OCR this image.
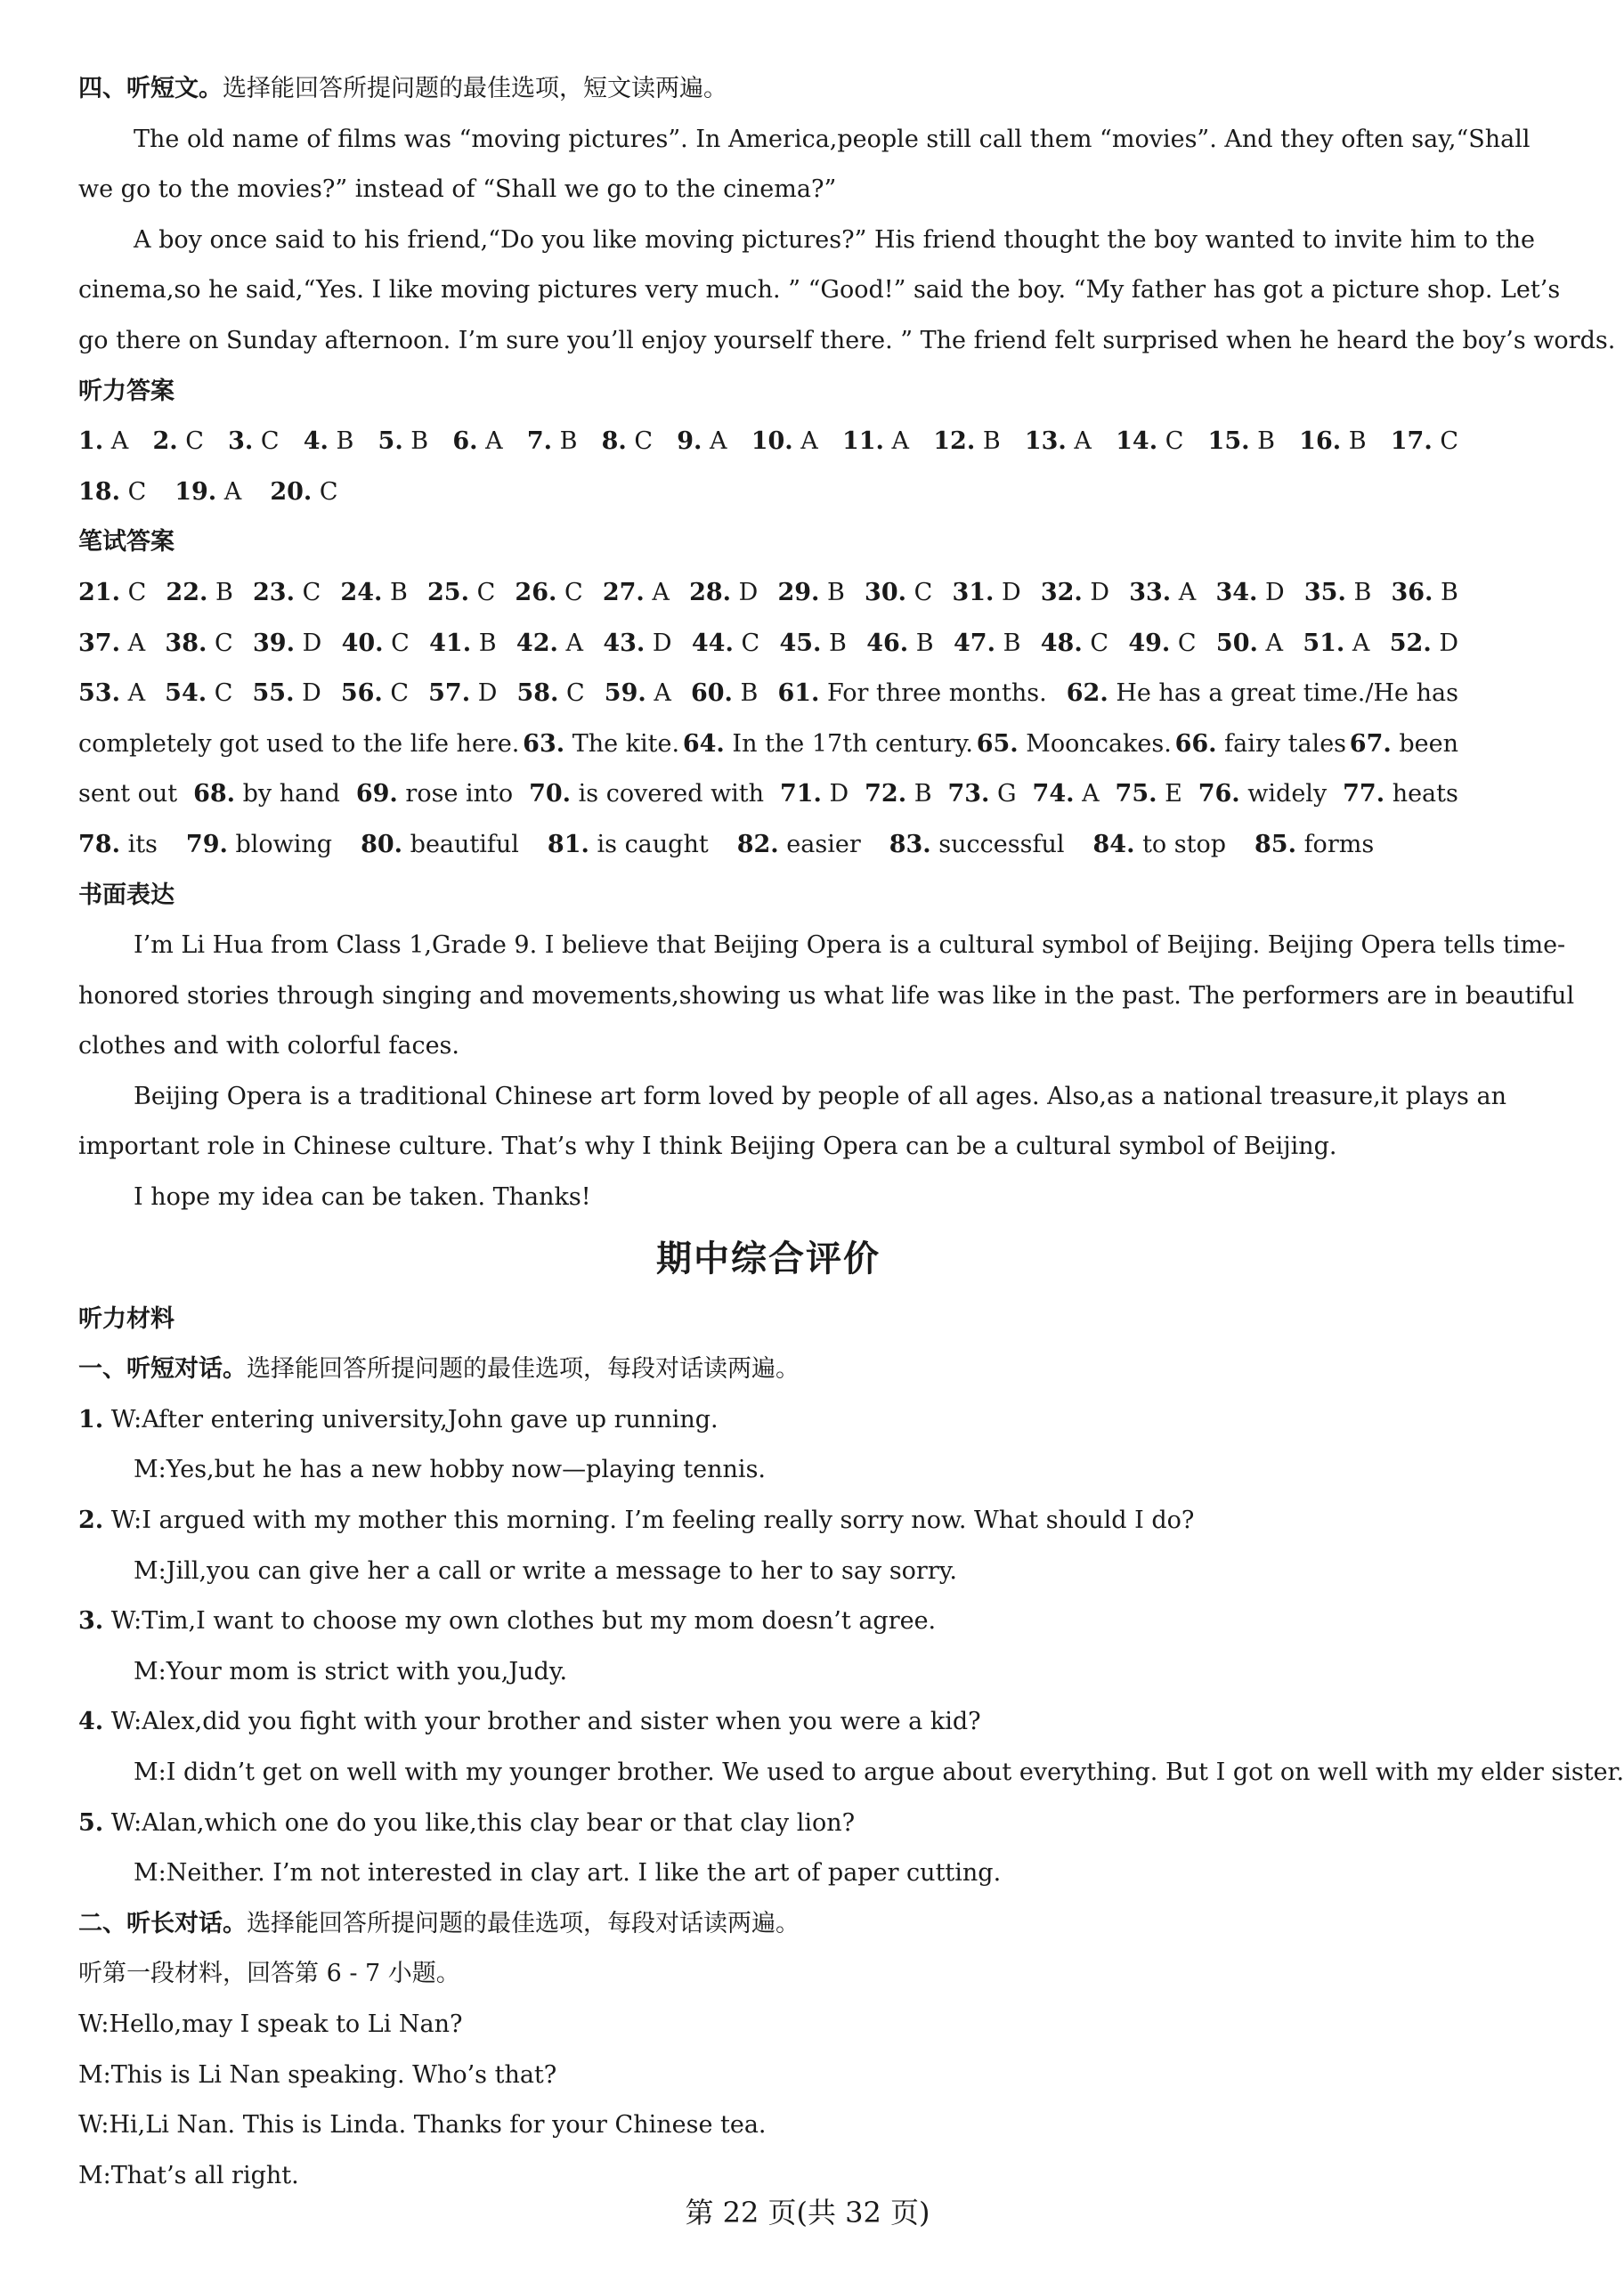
四、听短文。选择能回答所提问题的最佳选项，短文读两遍。
The old name of films was “moving pictures”. In America,people still call them “movies”. And they often say,“Shall
we go to the movies?” instead of “Shall we go to the cinema?”
A boy once said to his friend,“Do you like moving pictures?” His friend thought the boy wanted to invite him to the
cinema,so he said,“Yes. I like moving pictures very much. ” “Good!” said the boy. “My father has got a picture shop. Let’s
go there on Sunday afternoon. I’m sure you’ll enjoy yourself there. ” The friend felt surprised when he heard the boy’s words.
听力答案
1. A 2. C 3. C 4. B 5. B 6. A 7. B 8. C 9. A 10. A 11. A 12. B 13. A 14. C 15. B 16. B 17. C
18. C 19. A 20. C
笔试答案
21. C 22. B 23. C 24. B 25. C 26. C 27. A 28. D 29. B 30. C 31. D 32. D 33. A 34. D 35. B 36. B
37. A 38. C 39. D 40. C 41. B 42. A 43. D 44. C 45. B 46. B 47. B 48. C 49. C 50. A 51. A 52. D
53. A 54. C 55. D 56. C 57. D 58. C 59. A 60. B 61. For three months. 62. He has a great time./He has
completely got used to the life here. 63. The kite. 64. In the 17th century. 65. Mooncakes. 66. fairy tales 67. been
sent out 68. by hand 69. rose into 70. is covered with 71. D 72. B 73. G 74. A 75. E 76. widely 77. heats
78. its 79. blowing 80. beautiful 81. is caught 82. easier 83. successful 84. to stop 85. forms
书面表达
I’m Li Hua from Class 1,Grade 9. I believe that Beijing Opera is a cultural symbol of Beijing. Beijing Opera tells time-
honored stories through singing and movements,showing us what life was like in the past. The performers are in beautiful
clothes and with colorful faces.
Beijing Opera is a traditional Chinese art form loved by people of all ages. Also,as a national treasure,it plays an
important role in Chinese culture. That’s why I think Beijing Opera can be a cultural symbol of Beijing.
I hope my idea can be taken. Thanks!
期中综合评价
听力材料
一、听短对话。选择能回答所提问题的最佳选项，每段对话读两遍。
1. W:After entering university,John gave up running.
M:Yes,but he has a new hobby now—playing tennis.
2. W:I argued with my mother this morning. I’m feeling really sorry now. What should I do?
M:Jill,you can give her a call or write a message to her to say sorry.
3. W:Tim,I want to choose my own clothes but my mom doesn’t agree.
M:Your mom is strict with you,Judy.
4. W:Alex,did you fight with your brother and sister when you were a kid?
M:I didn’t get on well with my younger brother. We used to argue about everything. But I got on well with my elder sister.
5. W:Alan,which one do you like,this clay bear or that clay lion?
M:Neither. I’m not interested in clay art. I like the art of paper cutting.
二、听长对话。选择能回答所提问题的最佳选项，每段对话读两遍。
听第一段材料，回答第 6 - 7 小题。
W:Hello,may I speak to Li Nan?
M:This is Li Nan speaking. Who’s that?
W:Hi,Li Nan. This is Linda. Thanks for your Chinese tea.
M:That’s all right.
第 22 页(共 32 页)
